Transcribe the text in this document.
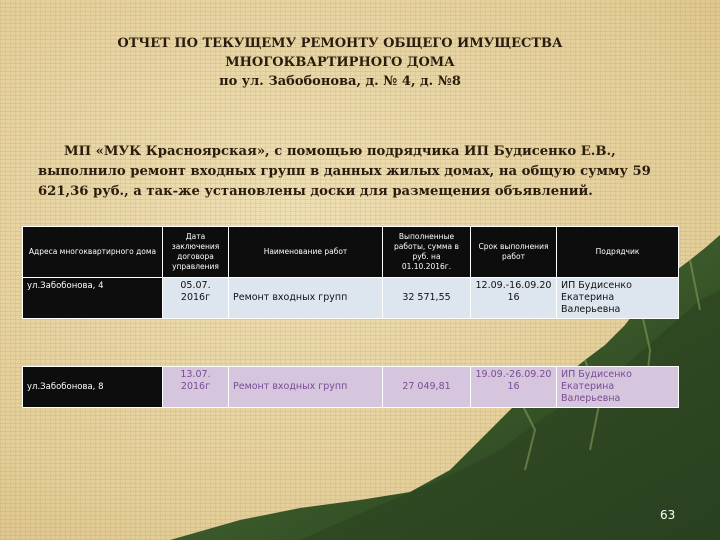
ОТЧЕТ ПО ТЕКУЩЕМУ РЕМОНТУ ОБЩЕГО ИМУЩЕСТВА
МНОГОКВАРТИРНОГО ДОМА
по ул. Забобонова, д. № 4, д. №8
МП «МУК Красноярская», с помощью подрядчика ИП Будисенко Е.В., выполнило ремонт входных групп в данных жилых домах, на общую сумму 59 621,36 руб., а так-же установлены доски для размещения объявлений.
Адреса многоквартирного дома	Дата заключения договора управления	Наименование работ	Выполненные работы, сумма в руб. на 01.10.2016г.	Срок выполнения работ	Подрядчик
ул.Забобонова, 4	05.07. 2016г	Ремонт входных групп	32 571,55	12.09.-16.09.20 16	ИП Будисенко Екатерина Валерьевна
ул.Забобонова, 8	13.07. 2016г	Ремонт входных групп	27 049,81	19.09.-26.09.20 16	ИП Будисенко Екатерина Валерьевна
63
